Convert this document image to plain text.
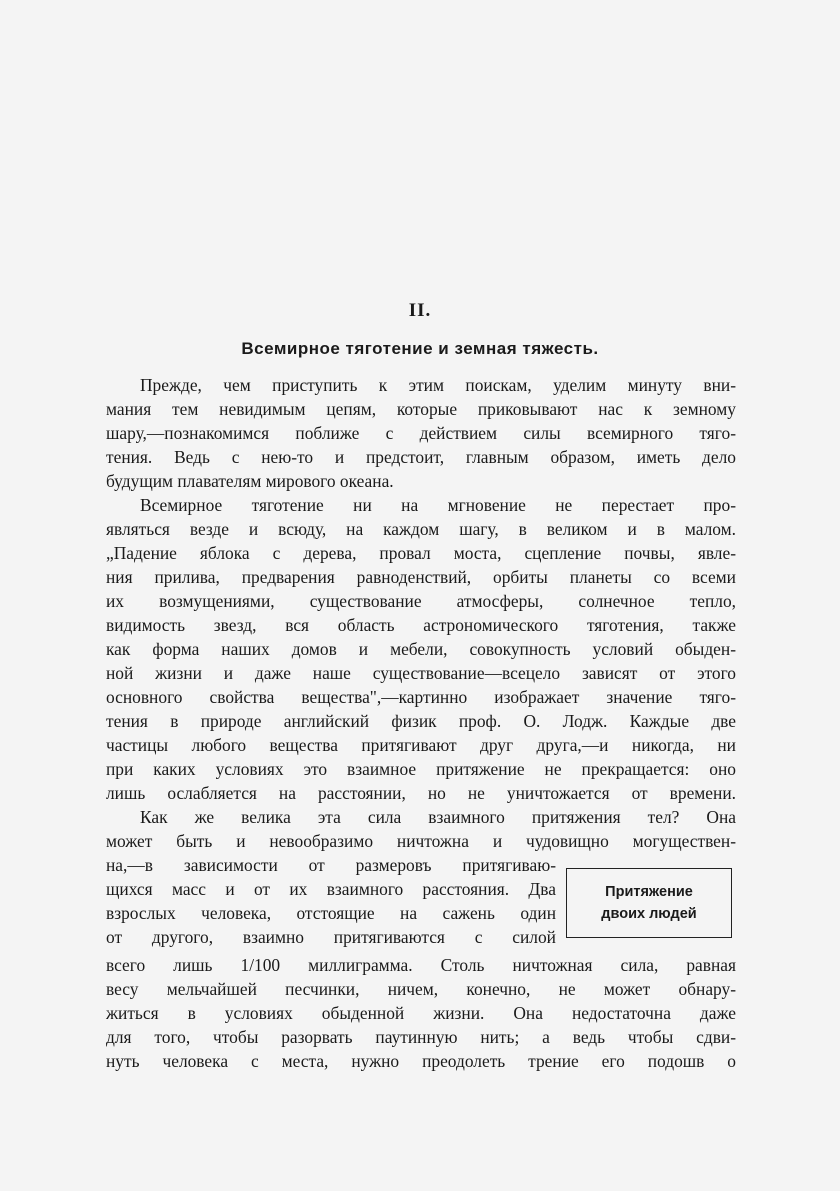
II.
Всемирное тяготение и земная тяжесть.
Прежде, чем приступить к этим поискам, уделим минуту вни-
мания тем невидимым цепям, которые приковывают нас к земному
шару,—познакомимся поближе с действием силы всемирного тяго-
тения. Ведь с нею-то и предстоит, главным образом, иметь дело
будущим плавателям мирового океана.
Всемирное тяготение ни на мгновение не перестает про-
являться везде и всюду, на каждом шагу, в великом и в малом.
„Падение яблока с дерева, провал моста, сцепление почвы, явле-
ния прилива, предварения равноденствий, орбиты планеты со всеми
их возмущениями, существование атмосферы, солнечное тепло,
видимость звезд, вся область астрономического тяготения, также
как форма наших домов и мебели, совокупность условий обыден-
ной жизни и даже наше существование—всецело зависят от этого
основного свойства вещества",—картинно изображает значение тяго-
тения в природе английский физик проф. О. Лодж. Каждые две
частицы любого вещества притягивают друг друга,—и никогда, ни
при каких условиях это взаимное притяжение не прекращается: оно
лишь ослабляется на расстоянии, но не уничтожается от времени.
Как же велика эта сила взаимного притяжения тел? Она
может быть и невообразимо ничтожна и чудовищно могуществен-
на,—в зависимости от размеровъ притягиваю-
щихся масс и от их взаимного расстояния. Два
взрослых человека, отстоящие на сажень один
от другого, взаимно притягиваются с силой
всего лишь 1/100 миллиграмма. Столь ничтожная сила, равная
весу мельчайшей песчинки, ничем, конечно, не может обнару-
житься в условиях обыденной жизни. Она недостаточна даже
для того, чтобы разорвать паутинную нить; а ведь чтобы сдви-
нуть человека с места, нужно преодолеть трение его подошв о
Притяжение
двоих людей
